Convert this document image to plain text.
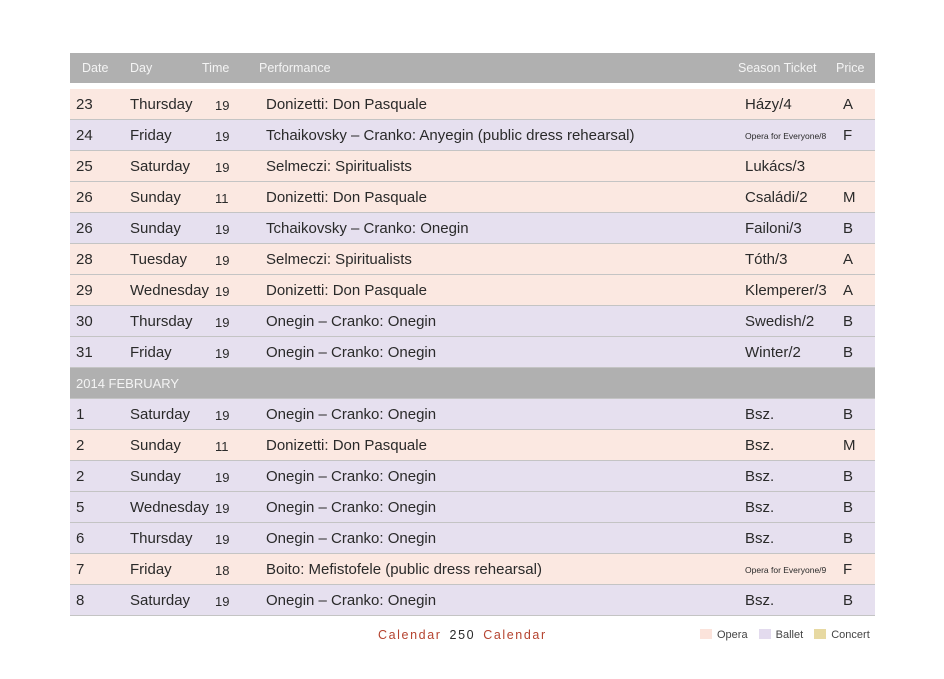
Date Day	Time Performance	Season Ticket Price
23 Thursday 19 Donizetti: Don Pasquale	Házy/4	A
24 Friday	19 Tchaikovsky – Cranko: Anyegin (public dress rehearsal)	Opera for Everyone/8 F
25 Saturday 19 Selmeczi: Spiritualists	Lukács/3
26 Sunday	11	Donizetti: Don Pasquale	Családi/2 M
26 Sunday	19 Tchaikovsky – Cranko: Onegin	Failoni/3	B
28 Tuesday 19 Selmeczi: Spiritualists	Tóth/3	A
29 Wednesday 19 Donizetti: Don Pasquale	Klemperer/3 A
30 Thursday 19 Onegin – Cranko: Onegin	Swedish/2 B
31 Friday	19 Onegin – Cranko: Onegin	Winter/2	B
2014 FEBRUARY
1	Saturday 19 Onegin – Cranko: Onegin	Bsz.	B
2	Sunday	11	Donizetti: Don Pasquale	Bsz.	M
2	Sunday	19 Onegin – Cranko: Onegin	Bsz.	B
5	Wednesday 19 Onegin – Cranko: Onegin	Bsz.	B
6	Thursday 19 Onegin – Cranko: Onegin	Bsz.	B
7	Friday	18 Boito: Mefistofele (public dress rehearsal)	Opera for Everyone/9 F
8	Saturday 19 Onegin – Cranko: Onegin	Bsz.	B
Calendar 250 Calendar	Opera	Ballet	Concert
